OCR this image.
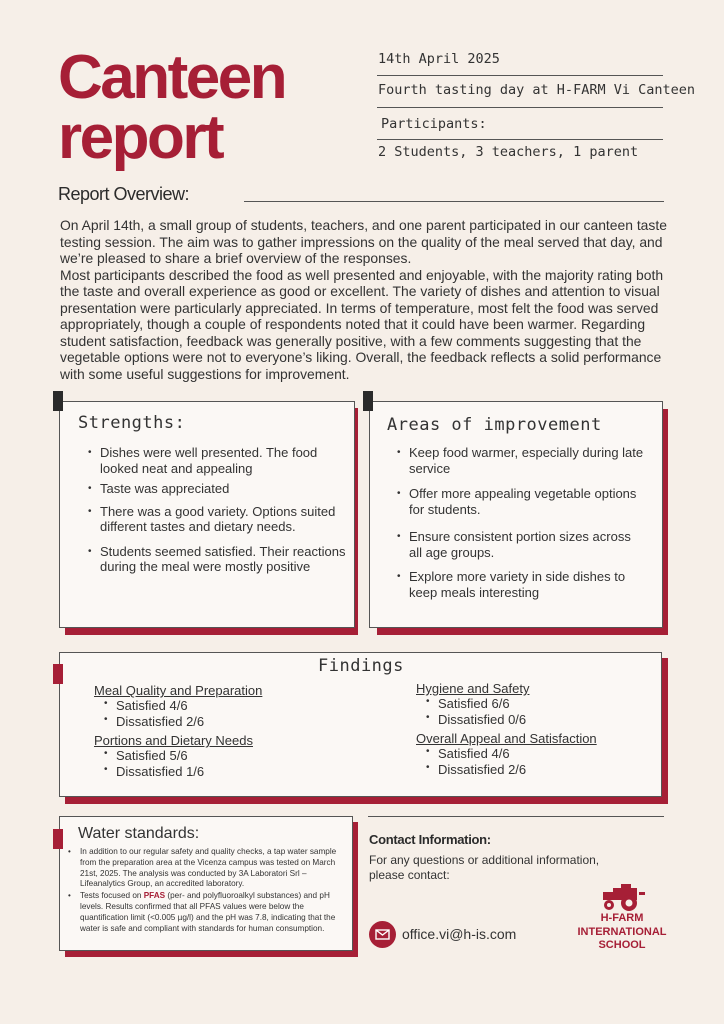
Canteen
report
14th April 2025
Fourth tasting day at H-FARM Vi Canteen
Participants:
2 Students, 3 teachers, 1 parent
Report Overview:

On April 14th, a small group of students, teachers, and one parent participated in our canteen taste testing session. The aim was to gather impressions on the quality of the meal served that day, and we’re pleased to share a brief overview of the responses.

Most participants described the food as well presented and enjoyable, with the majority rating both the taste and overall experience as good or excellent. The variety of dishes and attention to visual presentation were particularly appreciated. In terms of temperature, most felt the food was served appropriately, though a couple of respondents noted that it could have been warmer. Regarding student satisfaction, feedback was generally positive, with a few comments suggesting that the vegetable options were not to everyone’s liking. Overall, the feedback reflects a solid performance with some useful suggestions for improvement.

Strengths:
• Dishes were well presented. The food looked neat and appealing
• Taste was appreciated
• There was a good variety. Options suited different tastes and dietary needs.
• Students seemed satisfied. Their reactions during the meal were mostly positive
Areas of improvement
• Keep food warmer, especially during late service
• Offer more appealing vegetable options for students.
• Ensure consistent portion sizes across all age groups.
• Explore more variety in side dishes to keep meals interesting
Findings
Meal Quality and Preparation
• Satisfied 4/6
• Dissatisfied 2/6
Portions and Dietary Needs
• Satisfied 5/6
• Dissatisfied 1/6
Hygiene and Safety
• Satisfied 6/6
• Dissatisfied 0/6
Overall Appeal and Satisfaction
• Satisfied 4/6
• Dissatisfied 2/6
Water standards:
• In addition to our regular safety and quality checks, a tap water sample from the preparation area at the Vicenza campus was tested on March 21st, 2025. The analysis was conducted by 3A Laboratori Srl – Lifeanalytics Group, an accredited laboratory.
• Tests focused on PFAS (per- and polyfluoroalkyl substances) and pH levels. Results confirmed that all PFAS values were below the quantification limit (<0.005 µg/l) and the pH was 7.8, indicating that the water is safe and compliant with standards for human consumption.
Contact Information:
For any questions or additional information, please contact:
office.vi@h-is.com
H-FARM
INTERNATIONAL
SCHOOL
